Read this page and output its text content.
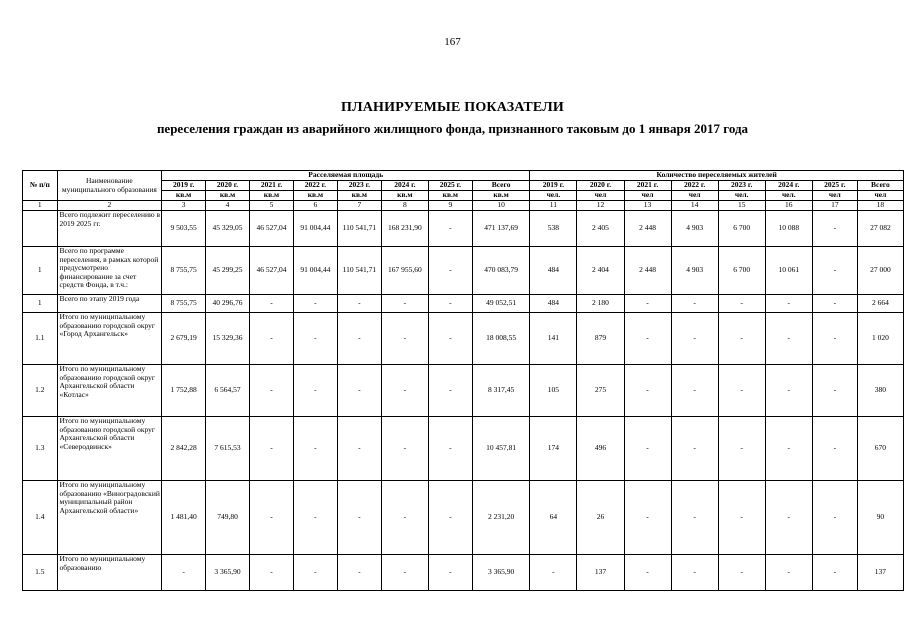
167
ПЛАНИРУЕМЫЕ ПОКАЗАТЕЛИ
переселения граждан из аварийного жилищного фонда, признанного таковым до 1 января 2017 года
№ п/п	Наименование муниципального образования	Расселяемая площадь								Количество переселяемых жителей							
		2019 г.	2020 г.	2021 г.	2022 г.	2023 г.	2024 г.	2025 г.	Всего	2019 г.	2020 г.	2021 г.	2022 г.	2023 г.	2024 г.	2025 г.	Всего
		кв.м	кв.м	кв.м	кв.м	кв.м	кв.м	кв.м	кв.м	чел.	чел	чел	чел	чел.	чел.	чел	чел
1	2	3	4	5	6	7	8	9	10	11	12	13	14	15	16	17	18
	Всего подлежит переселению в 2019 2025 гг.	9 503,55	45 329,05	46 527,04	91 004,44	110 541,71	168 231,90	-	471 137,69	538	2 405	2 448	4 903	6 700	10 088	-	27 082
1	Всего по программе переселения, в рамках которой предусмотрено финансирование за счет средств Фонда, в т.ч.:	8 755,75	45 299,25	46 527,04	91 004,44	110 541,71	167 955,60	-	470 083,79	484	2 404	2 448	4 903	6 700	10 061	-	27 000
1	Всего по этапу 2019 года	8 755,75	40 296,76	-	-	-	-	-	49 052,51	484	2 180	-	-	-	-	-	2 664
1.1	Итого по муниципальному образованию городской округ «Город Архангельск»	2 679,19	15 329,36	-	-	-	-	-	18 008,55	141	879	-	-	-	-	-	1 020
1.2	Итого по муниципальному образованию городской округ Архангельской области «Котлас»	1 752,88	6 564,57	-	-	-	-	-	8 317,45	105	275	-	-	-	-	-	380
1.3	Итого по муниципальному образованию городской округ Архангельской области «Северодвинск»	2 842,28	7 615,53	-	-	-	-	-	10 457,81	174	496	-	-	-	-	-	670
1.4	Итого по муниципальному образованию «Виноградовский муниципальный район Архангельской области»	1 481,40	749,80	-	-	-	-	-	2 231,20	64	26	-	-	-	-	-	90
1.5	Итого по муниципальному образованию	-	3 365,90	-	-	-	-	-	3 365,90	-	137	-	-	-	-	-	137
